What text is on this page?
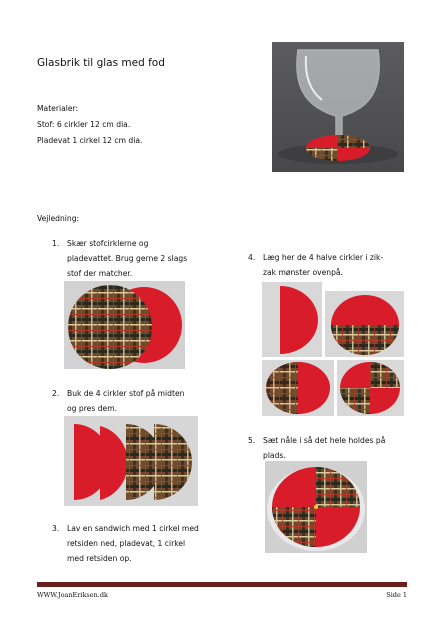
Glasbrik til glas med fod
Materialer:
Stof: 6 cirkler 12 cm dia.
Pladevat 1 cirkel 12 cm dia.
Vejledning:
1. Skær stofcirklerne og
pladevattet. Brug gerne 2 slags
stof der matcher.
2. Buk de 4 cirkler stof på midten
og pres dem.
3. Lav en sandwich med 1 cirkel med
retsiden ned, pladevat, 1 cirkel
med retsiden op.
4. Læg her de 4 halve cirkler i zik-
zak mønster ovenpå.
5. Sæt nåle i så det hele holdes på
plads.
WWW.JoanEriksen.dk	Side 1
